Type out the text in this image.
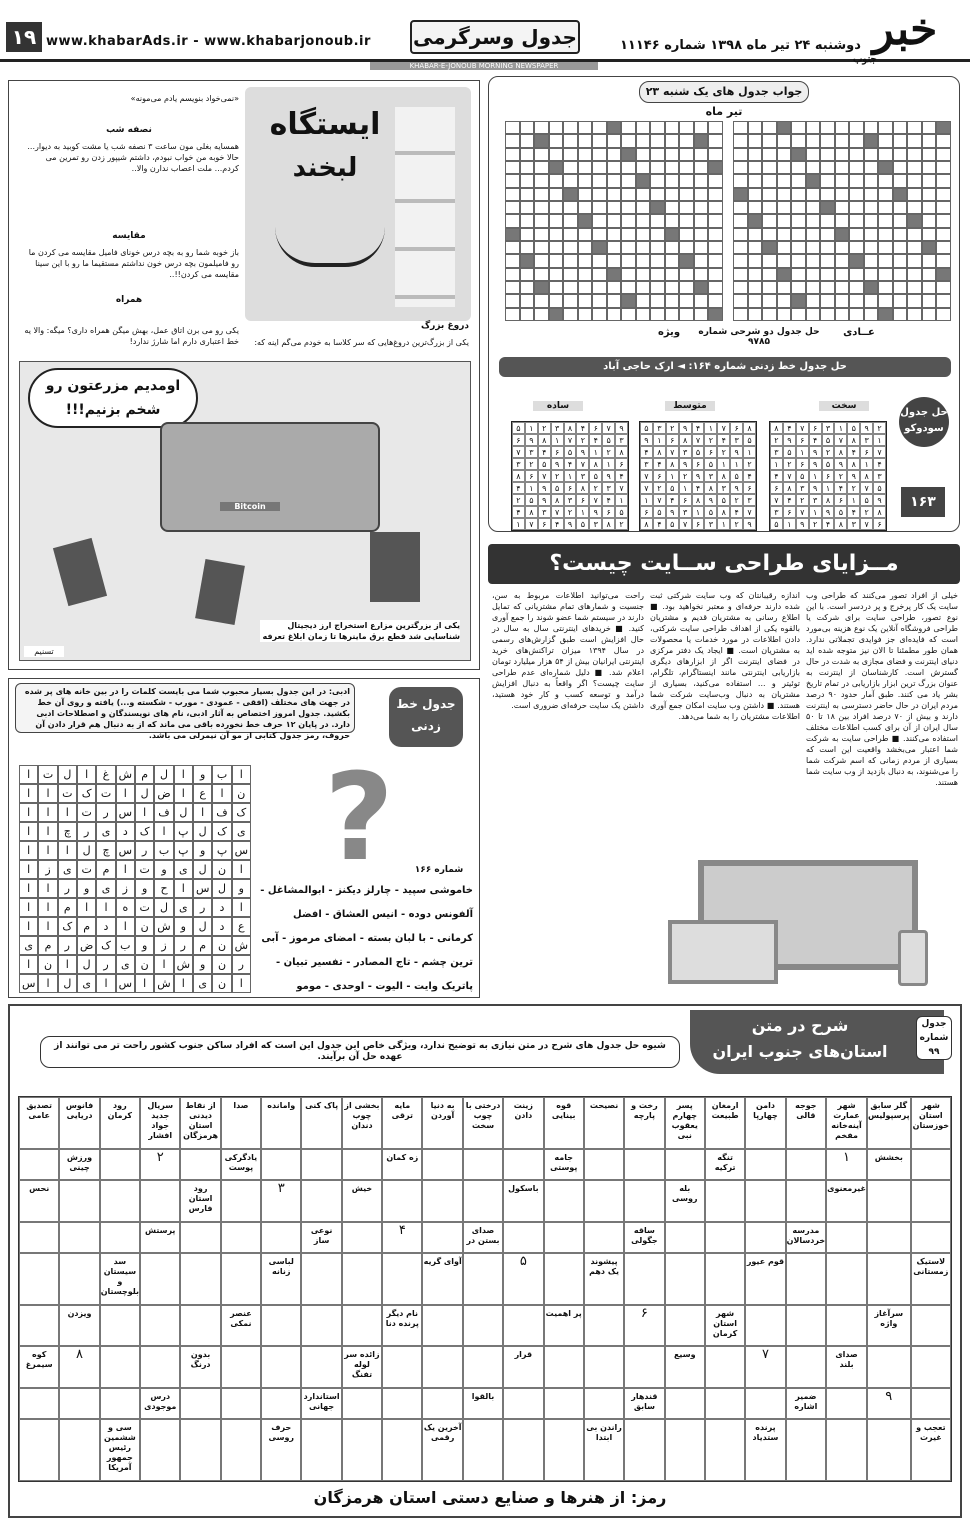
۱۹ www.khabarAds.ir - www.khabarjonoub.ir جدول وسرگرمی	دوشنبه ۲۴ تیر ماه ۱۳۹۸ شماره ۱۱۱۴۶ خبر
جنوب
KHABAR-E-JONOUB MORNING NEWSPAPER
جواب جدول های یک شنبه ۲۳ تیر ماه
عــادی
حل جدول دو شرحی شماره ۹۷۸۵
ویژه
حل جدول خط زدنی شماره ۱۶۴: ◄ ارک حاجی آباد
حل جدول سودوکو
۱۶۳
سخت
۲
۹
۵
۱
۳
۶
۷
۴
۸
۱
۳
۸
۷
۵
۴
۶
۹
۲
۷
۶
۴
۸
۲
۹
۱
۵
۳
۴
۱
۸
۹
۵
۹
۶
۲
۱
۳
۸
۹
۲
۶
۱
۵
۷
۴
۵
۷
۲
۴
۱
۹
۳
۸
۶
۹
۵
۱
۶
۸
۳
۲
۴
۷
۸
۲
۴
۵
۹
۱
۷
۶
۳
۶
۷
۳
۸
۴
۲
۹
۱
۵
متوسط
۸
۶
۷
۱
۴
۹
۲
۳
۵
۵
۳
۴
۲
۷
۸
۶
۱
۹
۱
۹
۲
۶
۵
۳
۷
۸
۴
۲
۱
۱
۵
۶
۹
۸
۴
۳
۴
۵
۸
۳
۹
۲
۱
۶
۷
۶
۹
۳
۸
۴
۱
۵
۲
۷
۳
۲
۵
۹
۸
۶
۴
۷
۱
۷
۴
۸
۵
۱
۳
۹
۵
۶
۹
۲
۱
۳
۶
۷
۵
۴
۸
ساده
۹
۷
۶
۴
۸
۳
۲
۱
۵
۳
۵
۴
۲
۷
۱
۸
۹
۶
۸
۲
۱
۹
۵
۶
۴
۳
۷
۶
۱
۸
۷
۴
۹
۵
۲
۳
۴
۹
۵
۳
۱
۲
۷
۶
۸
۷
۳
۲
۸
۶
۵
۹
۱
۴
۱
۴
۷
۶
۳
۸
۹
۵
۲
۵
۶
۹
۱
۲
۷
۳
۸
۴
۲
۸
۳
۵
۹
۴
۶
۷
۱
ایستگاه
لبخند
«نمی‌خواد بنویسم یادم می‌مونه»
نصفه شب
همسایه بغلی مون ساعت ۳ نصفه شب یا مشت کوبید به دیوار... حالا خوبه من خواب نبودم، داشتم شیپور زدن رو تمرین می کردم... ملت اعصاب ندارن والا..
مقایسه
باز خوبه شما رو به بچه درس خونای فامیل مقایسه می کردن ما رو فامیلمون بچه درس خون نداشتم مستقیما ما رو با این سینا مقایسه می کردن!!..
دروغ بزرگ
یکی از بزرگ‌ترین دروغ‌هایی که سر کلاسا به خودم می‌گم اینه که:
همراه
یکی رو می برن اتاق عمل، بهش میگن همراه داری؟ میگه: والا یه خط اعتباری دارم اما شارژ ندارد!
اومدیم مزرعتون رو شخم بزنیم!!!
Bitcoin
یکی از بزرگترین مزارع استخراج ارز دیجیتال شناسایی شد قطع برق ماینرها تا زمان ابلاغ تعرفه
تسنیم
ادبی: در این جدول بسیار محبوب شما می بایست کلمات را در بین خانه های پر شده در جهت های مختلف (افقی - عمودی - مورب - شکسته و...) یافته و روی آن خط بکشید. جدول امروز اختصاص به آثار ادبی، نام های نویسندگان و اصطلاحات ادبی دارد. در پایان ۱۲ حرف خط نخورده باقی می ماند که از به دنبال هم قرار دادن آن حروف، رمز جدول کتابی از مو آن نیمرلی می باشد.
جدول خط زدنی
?	شماره ۱۶۶
خاموشی سپید - چارلز دیکنز - ابوالمشاغل - آلفونس دوده - انیس العشاق - افضل کرمانی - با لبان بسته - امضای مرموز - آبی ترین چشم - تاج المصادر - تفسیر تبیان - پاتریک وایت - الیوت - اوحدی - مومو
ا
ب
و
ا
ل
م
ش
غ
ا
ل
ت
ا
ن
ا
ع
ا
ض
ل
ا
ت
ک
ت
ا
ا
ک
ف
ا
ل
ف
ا
س
ر
ت
ا
ا
ا
ی
ک
ل
پ
ا
ک
د
ی
ر
چ
ا
ا
س
پ
و
پ
ب
ر
س
چ
ل
ا
ا
ا
ا
ن
ل
ی
و
ت
ا
م
ت
ی
ز
ا
و
ل
س
ا
ح
و
ز
ی
و
ر
ا
ا
ا
د
ر
ی
ل
ت
ه
ا
ا
م
ا
ا
ع
د
ل
و
ش
ن
ا
د
م
ک
ا
ا
ش
ن
م
ر
ز
و
ب
ک
ض
ر
م
ی
ر
ن
و
ش
ا
ن
ی
ر
ل
ا
ن
ا
ا
ن
ی
ا
ش
ا
س
ا
ی
ل
ا
س
مــزایای طراحی ســایت چیست؟
خیلی از افراد تصور می‌کنند که طراحی وب سایت یک کار پرخرج و پر دردسر است. با این نوع تصور، طراحی سایت برای شرکت یا طراحی فروشگاه آنلاین یک نوع هزینه بی‌مورد است که فایده‌ای جز فوایدی تجملاتی ندارد. همان طور مطمئنا تا الان نیز متوجه شده اید دنیای اینترنت و فضای مجازی به شدت در حال گسترش است. کارشناسان از اینترنت به عنوان بزرگ ترین ابزار بازاریابی در تمام تاریخ بشر یاد می کنند. طبق آمار حدود ۹۰ درصد مردم ایران در حال حاضر دسترسی به اینترنت دارند و بیش از ۷۰ درصد افراد بین ۱۸ تا ۵۰ سال ایران از آن برای کسب اطلاعات مختلف استفاده می‌کنند. ■ طراحی سایت به شرکت شما اعتبار می‌بخشد واقعیت این است که بسیاری از مردم زمانی که اسم شرکت شما را می‌شنوند، به دنبال بازدید از وب سایت شما هستند.
اندازه رقیبانتان که وب سایت شرکتی ثبت شده دارند حرفه‌ای و معتبر نخواهید بود. ■ اطلاع رسانی به مشتریان قدیم و مشتریان بالقوه یکی از اهداف طراحی سایت شرکتی، دادن اطلاعات در مورد خدمات یا محصولات به مشتریان است. ■ ایجاد یک دفتر مرکزی در فضای اینترنت اگر از ابزارهای دیگری بازاریابی اینترنتی مانند اینستاگرام، تلگرام، توئیتر و ... استفاده می‌کنید، بسیاری از مشتریان به دنبال وب‌سایت شرکت شما هستند. ■ داشتن وب سایت امکان جمع آوری اطلاعات مشتریان را به شما می‌دهد.
راحت می‌توانید اطلاعات مربوط به سن، جنسیت و شمارهای تمام مشتریانی که تمایل دارند در سیستم شما عضو شوند را جمع آوری کنید. ■ خریدهای اینترنتی سال به سال در حال افزایش است طبق گزارش‌های رسمی در سال ۱۳۹۴ میزان تراکنش‌های خرید اینترنتی ایرانیان بیش از ۵۴ هزار میلیارد تومان اعلام شد. ■ دلیل شماره‌ای عدم طراحی سایت چیست؟ اگر واقعاً به دنبال افزایش درآمد و توسعه کسب و کار خود هستید، داشتن یک سایت حرفه‌ای ضروری است.
شرح در متن
استان‌های جنوب ایران
جدول
شماره ۹۹
شیوه حل جدول های شرح در متن نیازی به توضیح ندارد، ویژگی خاص این جدول این است که افراد ساکن جنوب کشور راحت تر می توانند از عهده حل آن برآیند.
شهر استان خوزستان
گلر سابق پرسپولیس
شهر عمارت آینه‌خانه مفخم
جوجه قالی
دامن چهارپا
ارمغان طبیعت
پسر چهارم یعقوب نبی
رخت و پارچه
نصیحت
قوه بینایی
زینت دادن
درختی با چوب سخت
به دنیا آوردن
مایه ترقی
بخشی از چوب دندان
پاک کنی
وامانده
صدا
از نقاط دیدنی استان هرمزگان
سریال جدید جواد افشار
رود کرمان
فانوس دریایی
تصدیق عامی
بخشش
۱
تنگه ترکیه
جامه پوستی
زه کمان
یادگرکی پوست
۲
ورزش چینی
غیرمعنوی
بله روسی
باسکول
خیش
۳
رود استان فارس
نحس
مدرسه خردسالان
ساقه جگولی
صدای بستن در
۴
نوعی ساز
پرستش
لاستیک زمستانی
قوم عیور
پیشوند یک دهم
۵
آوای گریه
لباسی زنانه
سد سیستان و بلوچستان
سرآغاز واژه
شهر استان کرمان
۶
پر اهمیت
نام دیگر پرنده دنا
عنصر نمکی
ویزدن
صدای بلند
۷
وسیع
قرار
زائده سر لوله تفنگ
بدون درنگ
۸
کوه سیمرغ
۹
ضمیر اشاره
قندهار سابق
بالقوا
استاندارد جهانی
درس موجودی
تعجب و غیرت
پرنده ستدیاد
راندن بی ابتدا
آخرین یک رقمی
حرف روسی
سی و ششمین رئیس جمهور آمریکا
رمز: از هنرها و صنایع دستی استان هرمزگان
